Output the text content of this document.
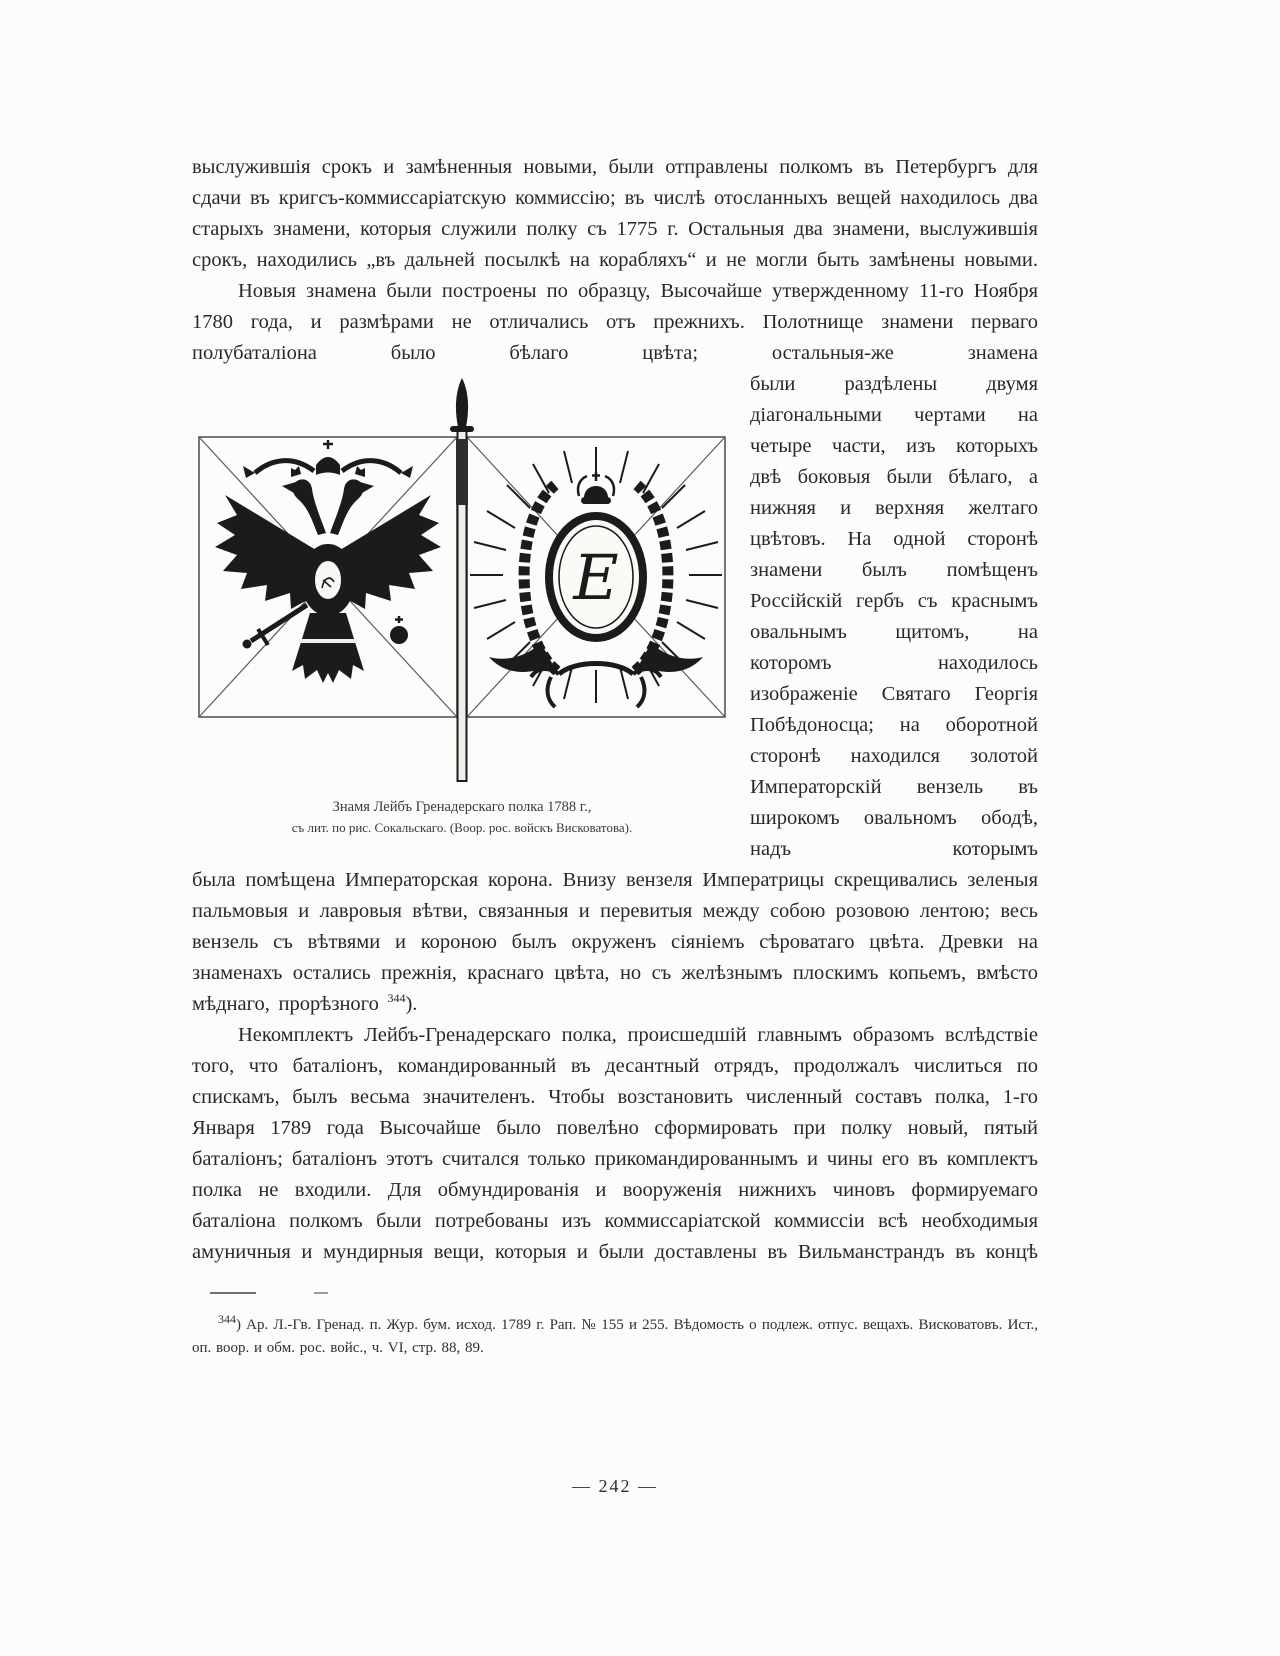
выслужившія срокъ и замѣненныя новыми, были отправлены полкомъ въ Петербургъ для сдачи въ кригсъ-коммиссаріатскую коммиссію; въ числѣ отосланныхъ вещей находилось два старыхъ знамени, которыя служили полку съ 1775 г. Остальныя два знамени, выслужившія срокъ, находились „въ дальней посылкѣ на корабляхъ“ и не могли быть замѣнены новыми.

Новыя знамена были построены по образцу, Высочайше утвержденному 11-го Ноября 1780 года, и размѣрами не отличались отъ прежнихъ. Полотнище знамени перваго полубаталіона было бѣлаго цвѣта; остальныя-же знамена

Е
Знамя Лейбъ Гренадерскаго полка 1788 г.,
съ лит. по рис. Сокальскаго. (Воор. рос. войскъ Висковатова).

были раздѣлены двумя діагональными чертами на четыре части, изъ которыхъ двѣ боковыя были бѣлаго, а нижняя и верхняя желтаго цвѣтовъ. На одной сторонѣ знамени былъ помѣщенъ Россійскій гербъ съ краснымъ овальнымъ щитомъ, на которомъ находилось изображеніе Святаго Георгія Побѣдоносца; на оборотной сторонѣ находился золотой Императорскій вензель въ широкомъ овальномъ ободѣ, надъ которымъ

была помѣщена Императорская корона. Внизу вензеля Императрицы скрещивались зеленыя пальмовыя и лавровыя вѣтви, связанныя и перевитыя между собою розовою лентою; весь вензель съ вѣтвями и короною былъ окруженъ сіяніемъ сѣроватаго цвѣта. Древки на знаменахъ остались прежнія, краснаго цвѣта, но съ желѣзнымъ плоскимъ копьемъ, вмѣсто мѣднаго, прорѣзного $^{344}$).

Некомплектъ Лейбъ-Гренадерскаго полка, происшедшій главнымъ образомъ вслѣдствіе того, что баталіонъ, командированный въ десантный отрядъ, продолжалъ числиться по спискамъ, былъ весьма значителенъ. Чтобы возстановить численный составъ полка, 1-го Января 1789 года Высочайше было повелѣно сформировать при полку новый, пятый баталіонъ; баталіонъ этотъ считался только прикомандированнымъ и чины его въ комплектъ полка не входили. Для обмундированія и вооруженія нижнихъ чиновъ формируемаго баталіона полкомъ были потребованы изъ коммиссаріатской коммиссіи всѣ необходимыя амуничныя и мундирныя вещи, которыя и были доставлены въ Вильманстрандъ въ концѣ

$^{344}$) Ар. Л.-Гв. Гренад. п. Жур. бум. исход. 1789 г. Рап. № 155 и 255. Вѣдомость о подлеж. отпус. вещахъ. Висковатовъ. Ист., оп. воор. и обм. рос. войс., ч. VI, стр. 88, 89.
— 242 —
